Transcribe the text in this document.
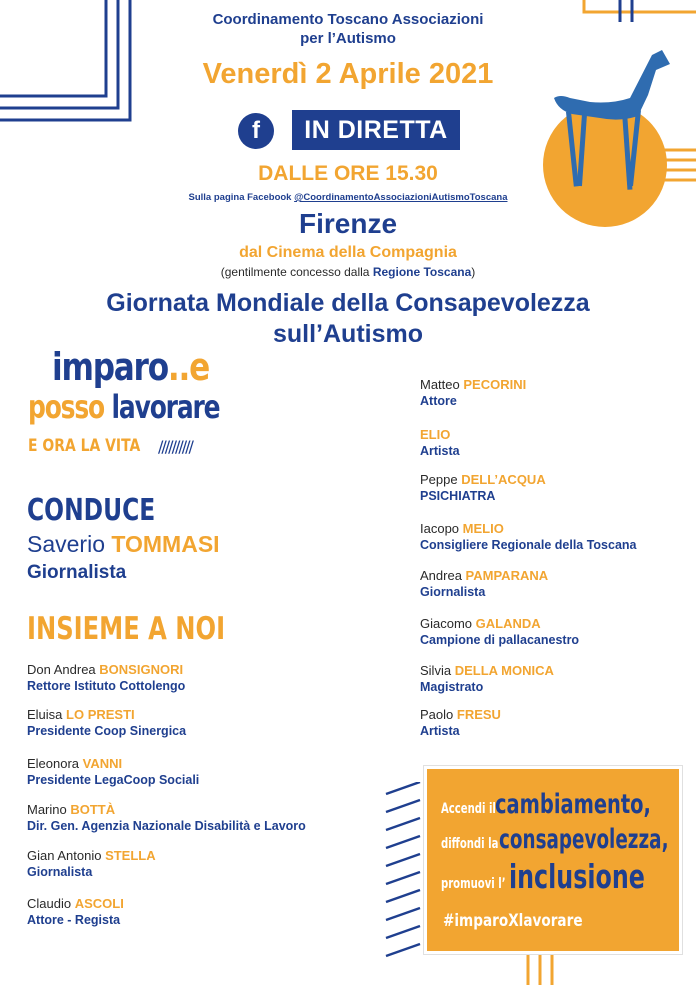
Coordinamento Toscano Associazioni
per l’Autismo
Venerdì 2 Aprile 2021
f	IN DIRETTA
DALLE ORE 15.30
Sulla pagina Facebook @CoordinamentoAssociazioniAutismoToscana
Firenze
dal Cinema della Compagnia
(gentilmente concesso dalla Regione Toscana)
Giornata Mondiale della Consapevolezza
sull’Autismo
imparo..e
posso lavorare
E ORA LA VITA //////////
CONDUCE
Saverio TOMMASI
Giornalista
INSIEME A NOI
Don Andrea BONSIGNORI
Rettore Istituto Cottolengo
Eluisa LO PRESTI
Presidente Coop Sinergica
Eleonora VANNI
Presidente LegaCoop Sociali
Marino BOTTÀ
Dir. Gen. Agenzia Nazionale Disabilità e Lavoro
Gian Antonio STELLA
Giornalista
Claudio ASCOLI
Attore - Regista
Matteo PECORINI
Attore
ELIO
Artista
Peppe DELL’ACQUA
PSICHIATRA
Iacopo MELIO
Consigliere Regionale della Toscana
Andrea PAMPARANA
Giornalista
Giacomo GALANDA
Campione di pallacanestro
Silvia DELLA MONICA
Magistrato
Paolo FRESU
Artista
Accendi ilcambiamento,
diffondi laconsapevolezza,
promuovi l’inclusione
#imparoXlavorare
